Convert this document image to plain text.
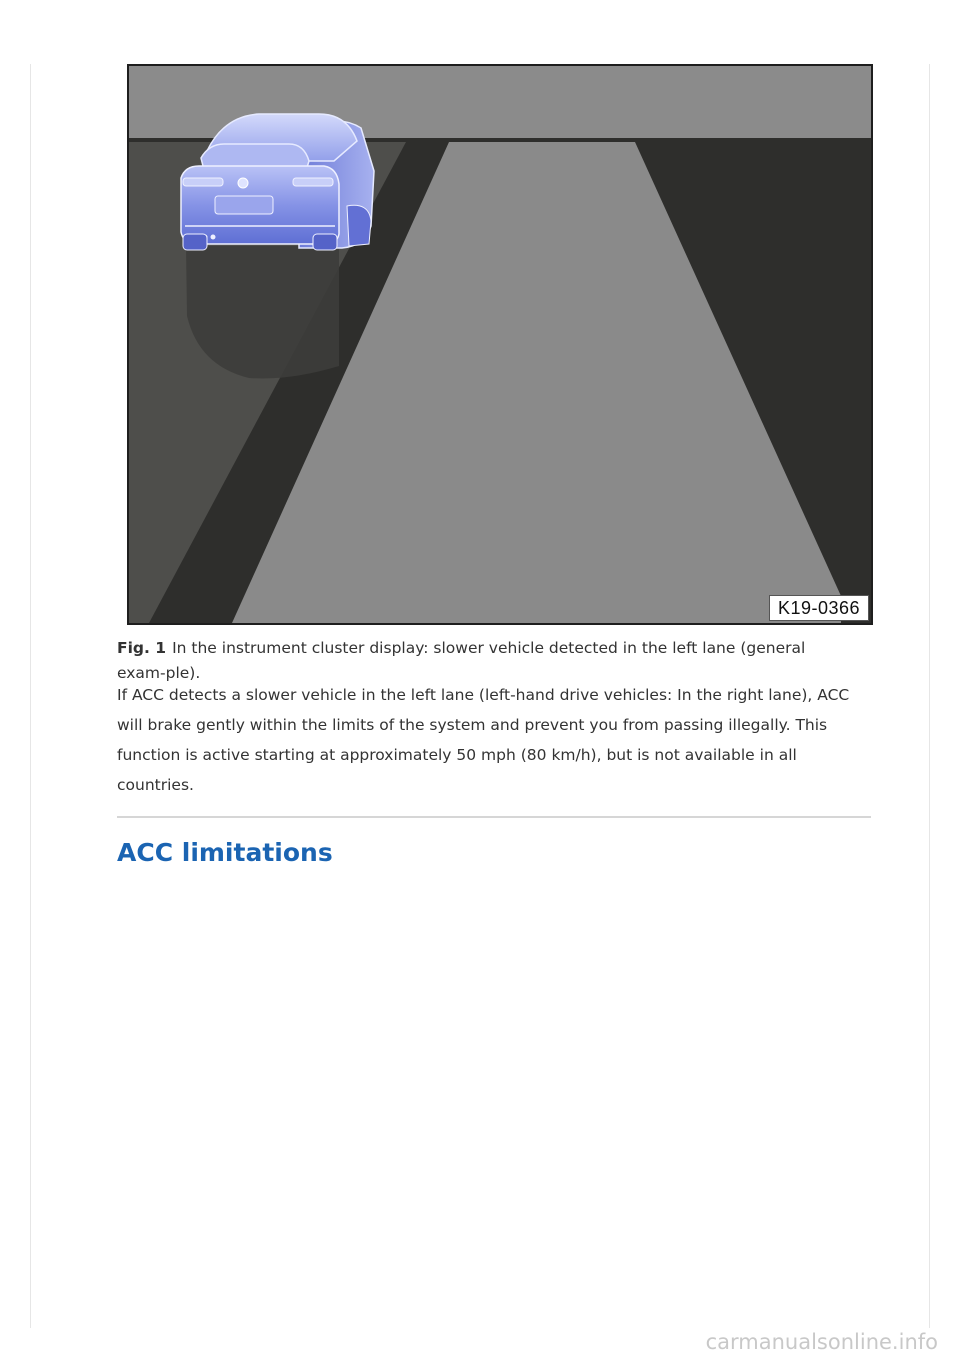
K19-0366
Fig. 1 In the instrument cluster display: slower vehicle detected in the left lane (general exam-ple).

If ACC detects a slower vehicle in the left lane (left-hand drive vehicles: In the right lane), ACC will brake gently within the limits of the system and prevent you from passing illegally. This function is active starting at approximately 50 mph (80 km/h), but is not available in all countries.

ACC limitations
carmanualsonline.info
